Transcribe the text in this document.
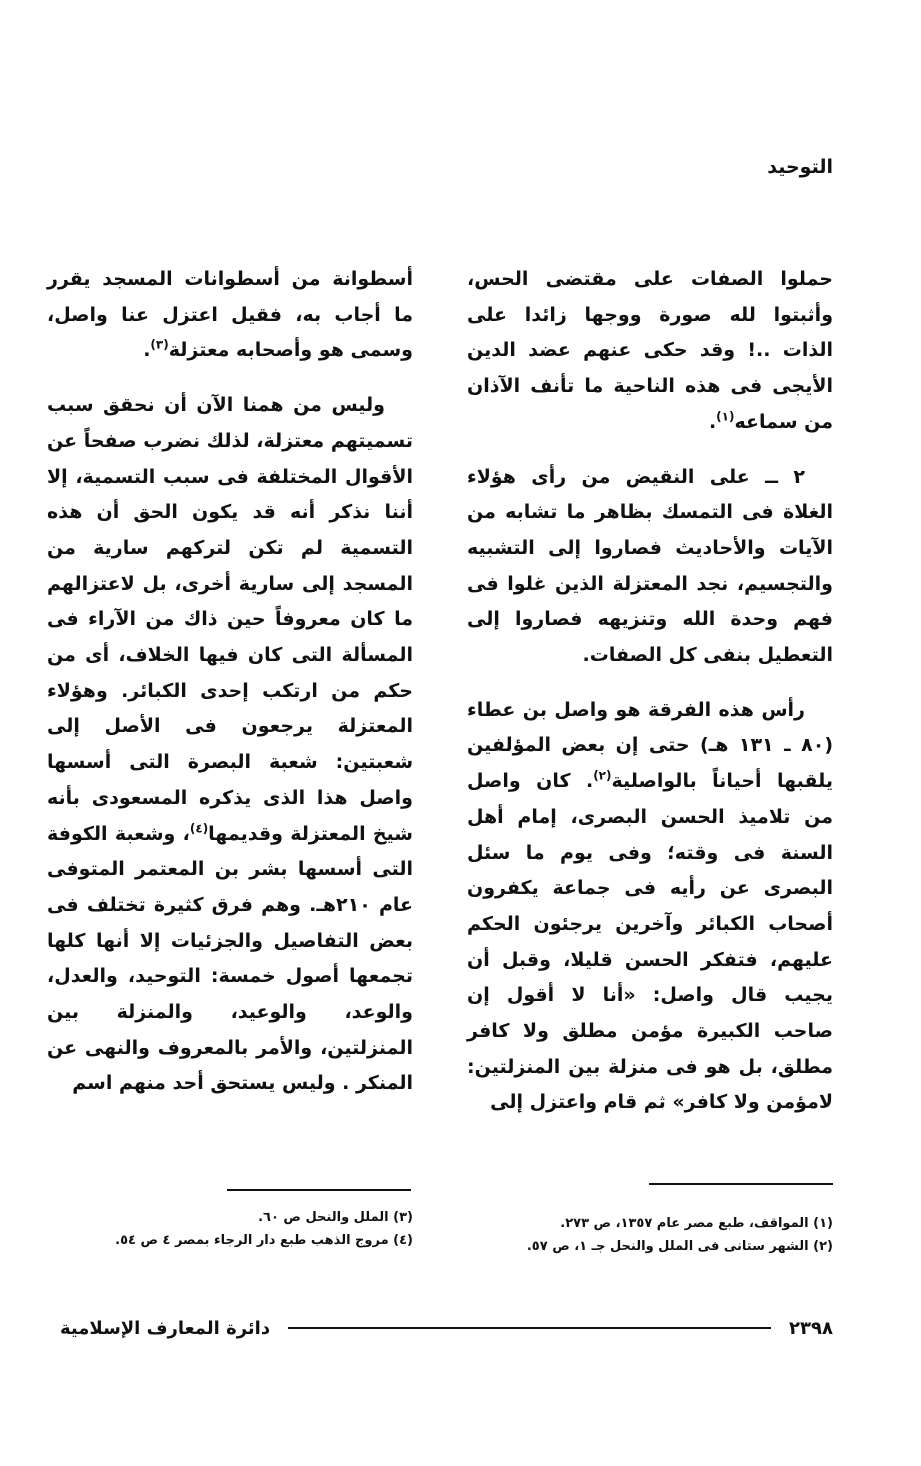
التوحيد

حملوا الصفات على مقتضى الحس، وأثبتوا لله صورة ووجها زائدا على الذات ..! وقد حكى عنهم عضد الدين الأيجى فى هذه الناحية ما تأنف الآذان من سماعه$^{(١)}$.

٢ ــ على النقيض من رأى هؤلاء الغلاة فى التمسك بظاهر ما تشابه من الآيات والأحاديث فصاروا إلى التشبيه والتجسيم، نجد المعتزلة الذين غلوا فى فهم وحدة الله وتنزيهه فصاروا إلى التعطيل بنفى كل الصفات.

رأس هذه الفرقة هو واصل بن عطاء (٨٠ ـ ١٣١ هـ) حتى إن بعض المؤلفين يلقبها أحياناً بالواصلية$^{(٢)}$. كان واصل من تلاميذ الحسن البصرى، إمام أهل السنة فى وقته؛ وفى يوم ما سئل البصرى عن رأيه فى جماعة يكفرون أصحاب الكبائر وآخرين يرجئون الحكم عليهم، فتفكر الحسن قليلا، وقبل أن يجيب قال واصل: «أنا لا أقول إن صاحب الكبيرة مؤمن مطلق ولا كافر مطلق، بل هو فى منزلة بين المنزلتين: لامؤمن ولا كافر» ثم قام واعتزل إلى

أسطوانة من أسطوانات المسجد يقرر ما أجاب به، فقيل اعتزل عنا واصل، وسمى هو وأصحابه معتزلة$^{(٣)}$.

وليس من همنا الآن أن نحقق سبب تسميتهم معتزلة، لذلك نضرب صفحاً عن الأقوال المختلفة فى سبب التسمية، إلا أننا نذكر أنه قد يكون الحق أن هذه التسمية لم تكن لتركهم سارية من المسجد إلى سارية أخرى، بل لاعتزالهم ما كان معروفاً حين ذاك من الآراء فى المسألة التى كان فيها الخلاف، أى من حكم من ارتكب إحدى الكبائر. وهؤلاء المعتزلة يرجعون فى الأصل إلى شعبتين: شعبة البصرة التى أسسها واصل هذا الذى يذكره المسعودى بأنه شيخ المعتزلة وقديمها$^{(٤)}$، وشعبة الكوفة التى أسسها بشر بن المعتمر المتوفى عام ٢١٠هـ. وهم فرق كثيرة تختلف فى بعض التفاصيل والجزئيات إلا أنها كلها تجمعها أصول خمسة: التوحيد، والعدل، والوعد، والوعيد، والمنزلة بين المنزلتين، والأمر بالمعروف والنهى عن المنكر . وليس يستحق أحد منهم اسم

(١) المواقف، طبع مصر عام ١٣٥٧، ص ٢٧٣.
(٢) الشهر ستانى فى الملل والنحل جـ ١، ص ٥٧.
(٣) الملل والنحل ص ٦٠.
(٤) مروج الذهب طبع دار الرجاء بمصر ٤ ص ٥٤.
٢٣٩٨
دائرة المعارف الإسلامية
